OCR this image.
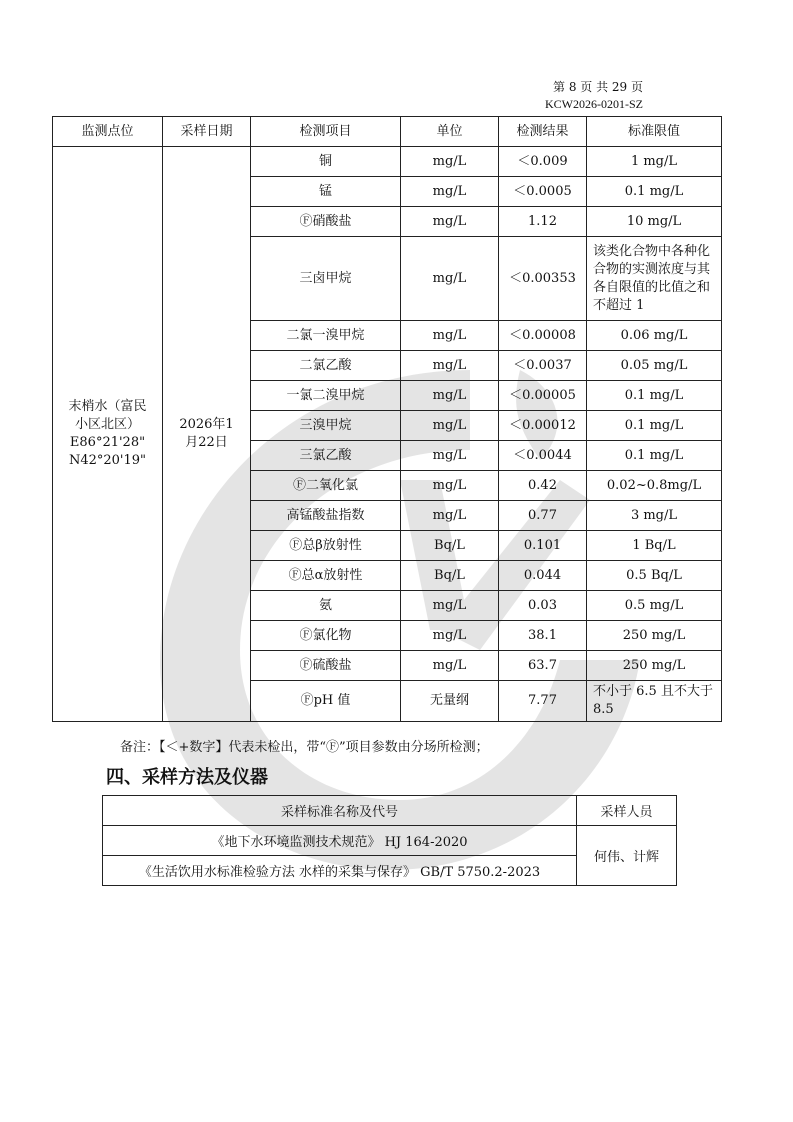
第 8 页 共 29 页
KCW2026-0201-SZ
监测点位	采样日期	检测项目	单位	检测结果	标准限值
末梢水（富民小区北区）E86°21'28" N42°20'19"	2026年1月22日	铜	mg/L	＜0.009	1 mg/L
		锰	mg/L	＜0.0005	0.1 mg/L
		Ⓕ硝酸盐	mg/L	1.12	10 mg/L
		三卤甲烷	mg/L	＜0.00353	该类化合物中各种化合物的实测浓度与其各自限值的比值之和不超过 1
		二氯一溴甲烷	mg/L	＜0.00008	0.06 mg/L
		二氯乙酸	mg/L	＜0.0037	0.05 mg/L
		一氯二溴甲烷	mg/L	＜0.00005	0.1 mg/L
		三溴甲烷	mg/L	＜0.00012	0.1 mg/L
		三氯乙酸	mg/L	＜0.0044	0.1 mg/L
		Ⓕ二氧化氯	mg/L	0.42	0.02~0.8mg/L
		高锰酸盐指数	mg/L	0.77	3 mg/L
		Ⓕ总β放射性	Bq/L	0.101	1 Bq/L
		Ⓕ总α放射性	Bq/L	0.044	0.5 Bq/L
		氨	mg/L	0.03	0.5 mg/L
		Ⓕ氯化物	mg/L	38.1	250 mg/L
		Ⓕ硫酸盐	mg/L	63.7	250 mg/L
		ⒻpH 值	无量纲	7.77	不小于 6.5 且不大于 8.5
备注：【＜+数字】代表未检出，带“Ⓕ”项目参数由分场所检测；
四、采样方法及仪器
采样标准名称及代号	采样人员
《地下水环境监测技术规范》 HJ 164-2020	何伟、计辉
《生活饮用水标准检验方法 水样的采集与保存》 GB/T 5750.2-2023	
